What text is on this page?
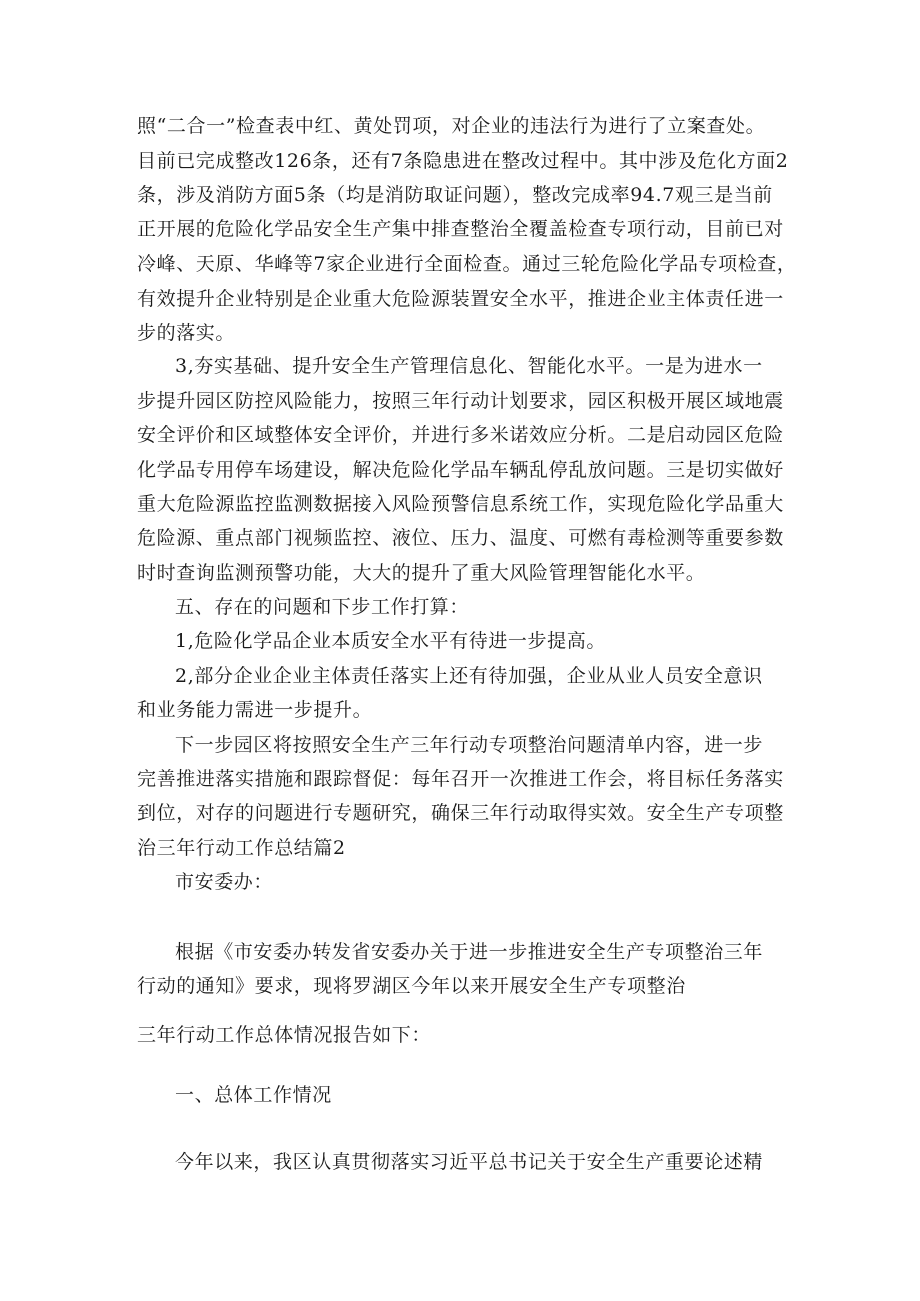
照“二合一”检查表中红、黄处罚项，对企业的违法行为进行了立案查处。
目前已完成整改126条，还有7条隐患进在整改过程中。其中涉及危化方面2
条，涉及消防方面5条（均是消防取证问题），整改完成率94.7观三是当前
正开展的危险化学品安全生产集中排查整治全覆盖检查专项行动，目前已对
冷峰、天原、华峰等7家企业进行全面检查。通过三轮危险化学品专项检查，
有效提升企业特别是企业重大危险源装置安全水平，推进企业主体责任进一
步的落实。
3,夯实基础、提升安全生产管理信息化、智能化水平。一是为进水一
步提升园区防控风险能力，按照三年行动计划要求，园区积极开展区域地震
安全评价和区域整体安全评价，并进行多米诺效应分析。二是启动园区危险
化学品专用停车场建设，解决危险化学品车辆乱停乱放问题。三是切实做好
重大危险源监控监测数据接入风险预警信息系统工作，实现危险化学品重大
危险源、重点部门视频监控、液位、压力、温度、可燃有毒检测等重要参数
时时查询监测预警功能，大大的提升了重大风险管理智能化水平。
五、存在的问题和下步工作打算：
1,危险化学品企业本质安全水平有待进一步提高。
2,部分企业企业主体责任落实上还有待加强，企业从业人员安全意识
和业务能力需进一步提升。
下一步园区将按照安全生产三年行动专项整治问题清单内容，进一步
完善推进落实措施和跟踪督促：每年召开一次推进工作会，将目标任务落实
到位，对存的问题进行专题研究，确保三年行动取得实效。安全生产专项整
治三年行动工作总结篇2
市安委办：
根据《市安委办转发省安委办关于进一步推进安全生产专项整治三年
行动的通知》要求，现将罗湖区今年以来开展安全生产专项整治
三年行动工作总体情况报告如下：
一、总体工作情况
今年以来，我区认真贯彻落实习近平总书记关于安全生产重要论述精
